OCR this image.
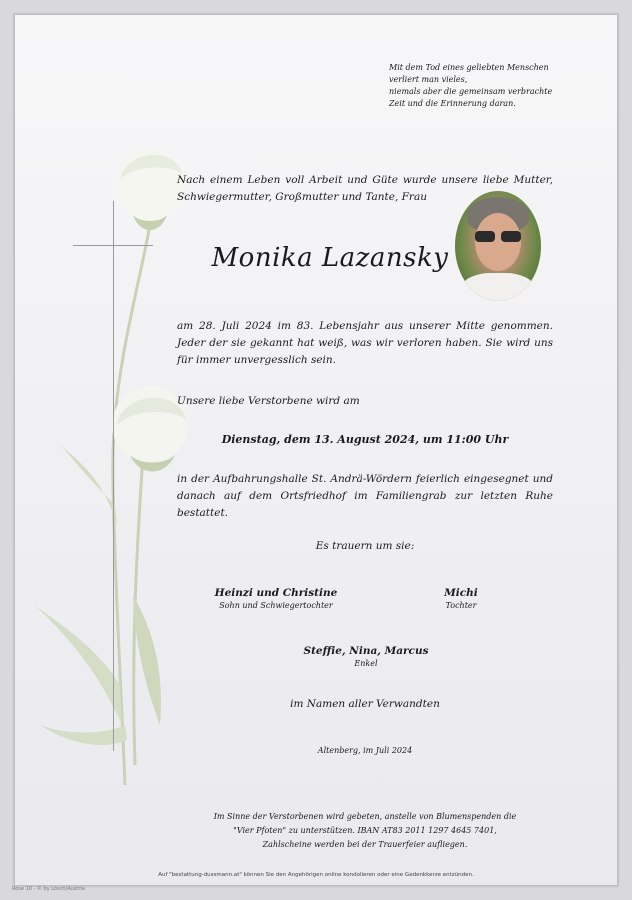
Mit dem Tod eines geliebten Menschen
verliert man vieles,
niemals aber die gemeinsam verbrachte
Zeit und die Erinnerung daran.
Nach einem Leben voll Arbeit und Güte wurde unsere liebe Mutter, Schwiegermutter, Großmutter und Tante, Frau
Monika Lazansky
am 28. Juli 2024 im 83. Lebensjahr aus unserer Mitte genommen. Jeder der sie gekannt hat weiß, was wir verloren haben. Sie wird uns für immer unvergesslich sein.
Unsere liebe Verstorbene wird am
Dienstag, dem 13. August 2024, um 11:00 Uhr
in der Aufbahrungshalle St. Andrä-Wördern feierlich eingesegnet und danach auf dem Ortsfriedhof im Familiengrab zur letzten Ruhe bestattet.
Es trauern um sie:
Heinzi und Christine
Sohn und Schwiegertochter
Michi
Tochter
Steffie, Nina, Marcus
Enkel
im Namen aller Verwandten
Altenberg, im Juli 2024
Im Sinne der Verstorbenen wird gebeten, anstelle von Blumenspenden die
"Vier Pfoten" zu unterstützen. IBAN AT83 2011 1297 4645 7401,
Zahlscheine werden bei der Trauerfeier aufliegen.
Auf "bestattung-dussmann.at" können Sie den Angehörigen online kondolieren oder eine Gedenkkerze entzünden.
Rose 10 - © by Lösch/Austria
